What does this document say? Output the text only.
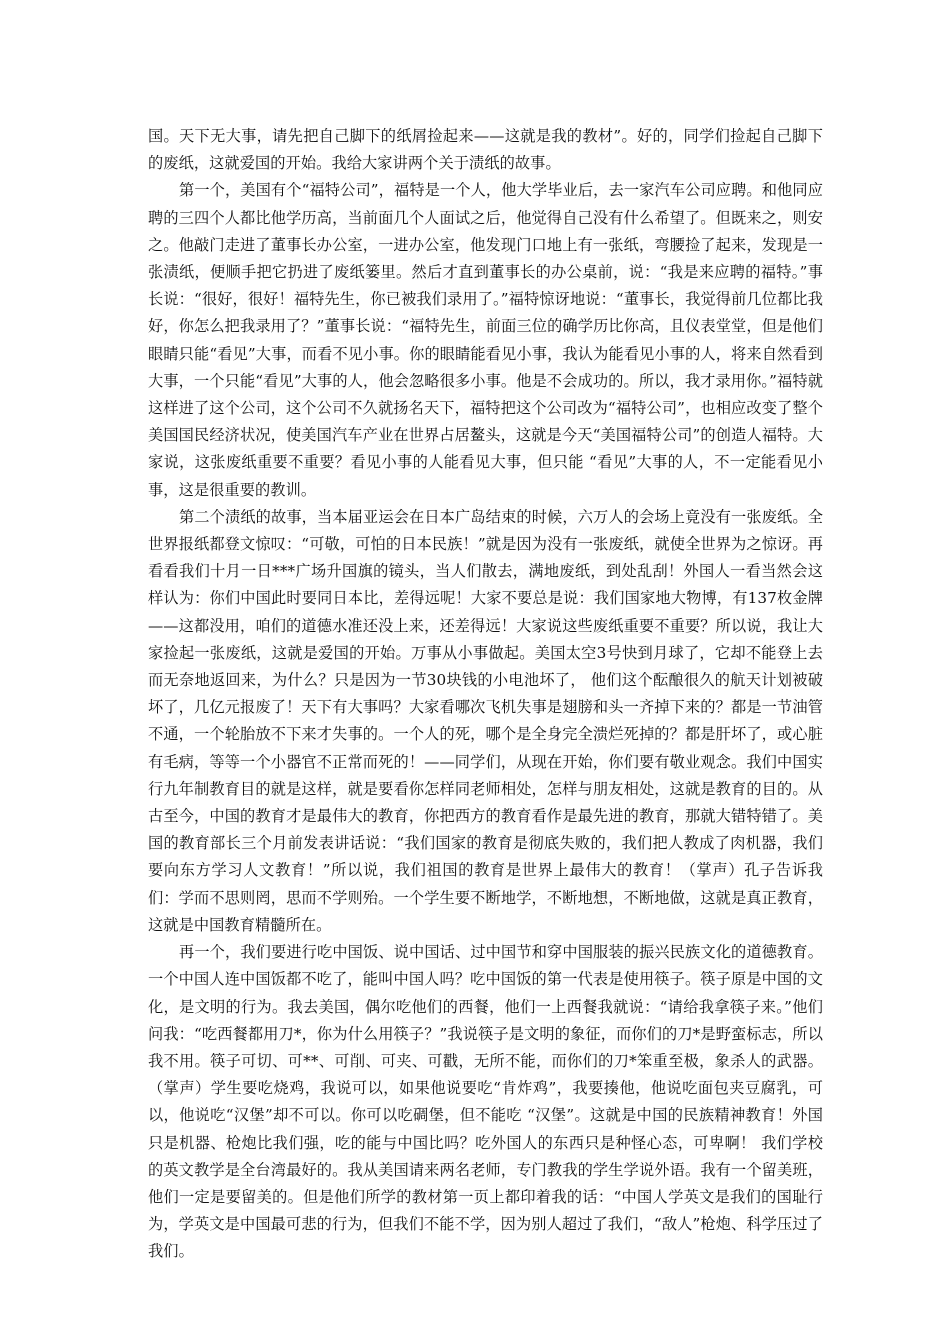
国。天下无大事，请先把自己脚下的纸屑捡起来——这就是我的教材”。好的，同学们捡起自己脚下的废纸，这就爱国的开始。我给大家讲两个关于渍纸的故事。

第一个，美国有个“福特公司”，福特是一个人，他大学毕业后，去一家汽车公司应聘。和他同应聘的三四个人都比他学历高，当前面几个人面试之后，他觉得自己没有什么希望了。但既来之，则安之。他敲门走进了董事长办公室，一进办公室，他发现门口地上有一张纸，弯腰捡了起来，发现是一张渍纸，便顺手把它扔进了废纸篓里。然后才直到董事长的办公桌前，说：“我是来应聘的福特。”事长说：“很好，很好！福特先生，你已被我们录用了。”福特惊讶地说：“董事长，我觉得前几位都比我好，你怎么把我录用了？”董事长说：“福特先生，前面三位的确学历比你高，且仪表堂堂，但是他们眼睛只能“看见”大事，而看不见小事。你的眼睛能看见小事，我认为能看见小事的人，将来自然看到大事，一个只能“看见”大事的人，他会忽略很多小事。他是不会成功的。所以，我才录用你。”福特就这样进了这个公司，这个公司不久就扬名天下，福特把这个公司改为“福特公司”，也相应改变了整个美国国民经济状况，使美国汽车产业在世界占居鳌头，这就是今天“美国福特公司”的创造人福特。大家说，这张废纸重要不重要？看见小事的人能看见大事，但只能 “看见”大事的人，不一定能看见小事，这是很重要的教训。

第二个渍纸的故事，当本届亚运会在日本广岛结束的时候，六万人的会场上竟没有一张废纸。全世界报纸都登文惊叹：“可敬，可怕的日本民族！”就是因为没有一张废纸，就使全世界为之惊讶。再看看我们十月一日***广场升国旗的镜头，当人们散去，满地废纸，到处乱刮！外国人一看当然会这样认为：你们中国此时要同日本比，差得远呢！大家不要总是说：我们国家地大物博，有137枚金牌——这都没用，咱们的道德水准还没上来，还差得远！大家说这些废纸重要不重要？所以说，我让大家捡起一张废纸，这就是爱国的开始。万事从小事做起。美国太空3号快到月球了，它却不能登上去而无奈地返回来，为什么？只是因为一节30块钱的小电池坏了， 他们这个酝酿很久的航天计划被破坏了，几亿元报废了！天下有大事吗？大家看哪次飞机失事是翅膀和头一齐掉下来的？都是一节油管不通，一个轮胎放不下来才失事的。一个人的死，哪个是全身完全溃烂死掉的？都是肝坏了，或心脏有毛病，等等一个小器官不正常而死的！——同学们，从现在开始，你们要有敬业观念。我们中国实行九年制教育目的就是这样，就是要看你怎样同老师相处，怎样与朋友相处，这就是教育的目的。从古至今，中国的教育才是最伟大的教育，你把西方的教育看作是最先进的教育，那就大错特错了。美国的教育部长三个月前发表讲话说：“我们国家的教育是彻底失败的，我们把人教成了肉机器，我们要向东方学习人文教育！”所以说，我们祖国的教育是世界上最伟大的教育！（掌声）孔子告诉我们：学而不思则罔，思而不学则殆。一个学生要不断地学，不断地想，不断地做，这就是真正教育，这就是中国教育精髓所在。

再一个，我们要进行吃中国饭、说中国话、过中国节和穿中国服装的振兴民族文化的道德教育。一个中国人连中国饭都不吃了，能叫中国人吗？吃中国饭的第一代表是使用筷子。筷子原是中国的文化，是文明的行为。我去美国，偶尔吃他们的西餐，他们一上西餐我就说：“请给我拿筷子来。”他们问我：“吃西餐都用刀*，你为什么用筷子？”我说筷子是文明的象征，而你们的刀*是野蛮标志，所以我不用。筷子可切、可**、可削、可夹、可戳，无所不能，而你们的刀*笨重至极，象杀人的武器。（掌声）学生要吃烧鸡，我说可以，如果他说要吃“肯炸鸡”，我要揍他，他说吃面包夹豆腐乳，可以，他说吃“汉堡”却不可以。你可以吃碉堡，但不能吃 “汉堡”。这就是中国的民族精神教育！外国只是机器、枪炮比我们强，吃的能与中国比吗？吃外国人的东西只是种怪心态，可卑啊！ 我们学校的英文教学是全台湾最好的。我从美国请来两名老师，专门教我的学生学说外语。我有一个留美班，他们一定是要留美的。但是他们所学的教材第一页上都印着我的话：“中国人学英文是我们的国耻行为，学英文是中国最可悲的行为，但我们不能不学，因为别人超过了我们，“敌人”枪炮、科学压过了我们。
